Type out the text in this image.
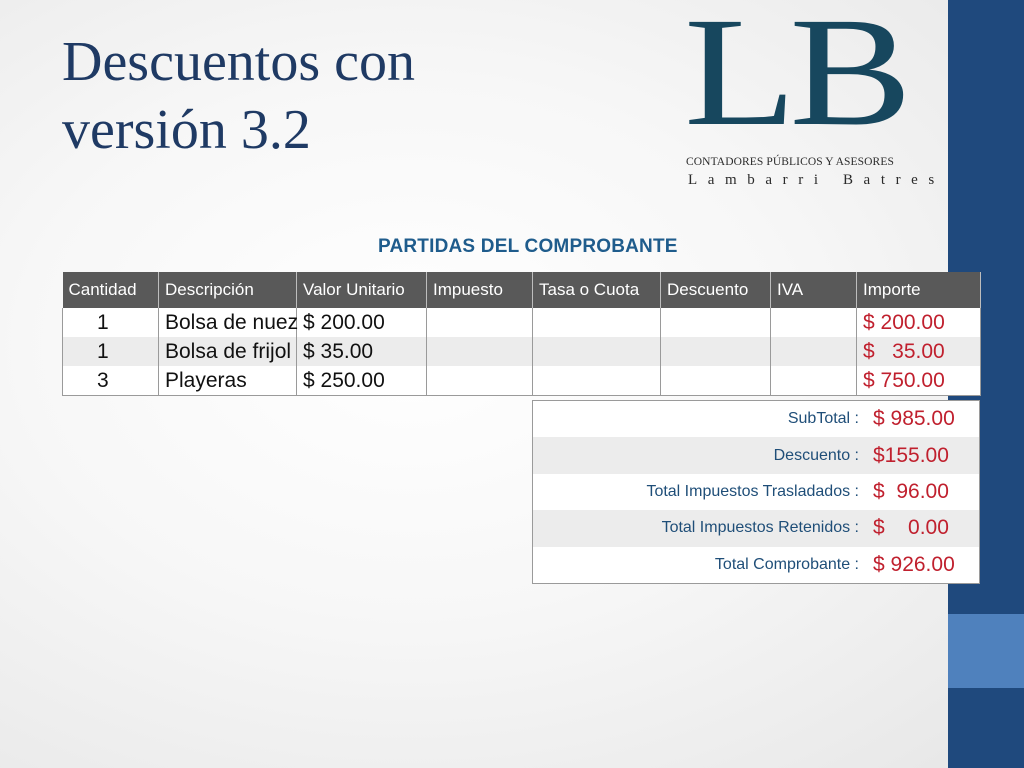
Descuentos con
versión 3.2	LB
CONTADORES PÚBLICOS Y ASESORES
Lambarri Batres
PARTIDAS DEL COMPROBANTE
Cantidad	Descripción	Valor Unitario	Impuesto	Tasa o Cuota	Descuento	IVA	Importe
1	Bolsa de nuez	$ 200.00					$ 200.00
1	Bolsa de frijol	$ 35.00					$   35.00
3	Playeras	$ 250.00					$ 750.00
SubTotal : $ 985.00
Descuento : $155.00
Total Impuestos Trasladados : $  96.00
Total Impuestos Retenidos : $    0.00
Total Comprobante : $ 926.00
